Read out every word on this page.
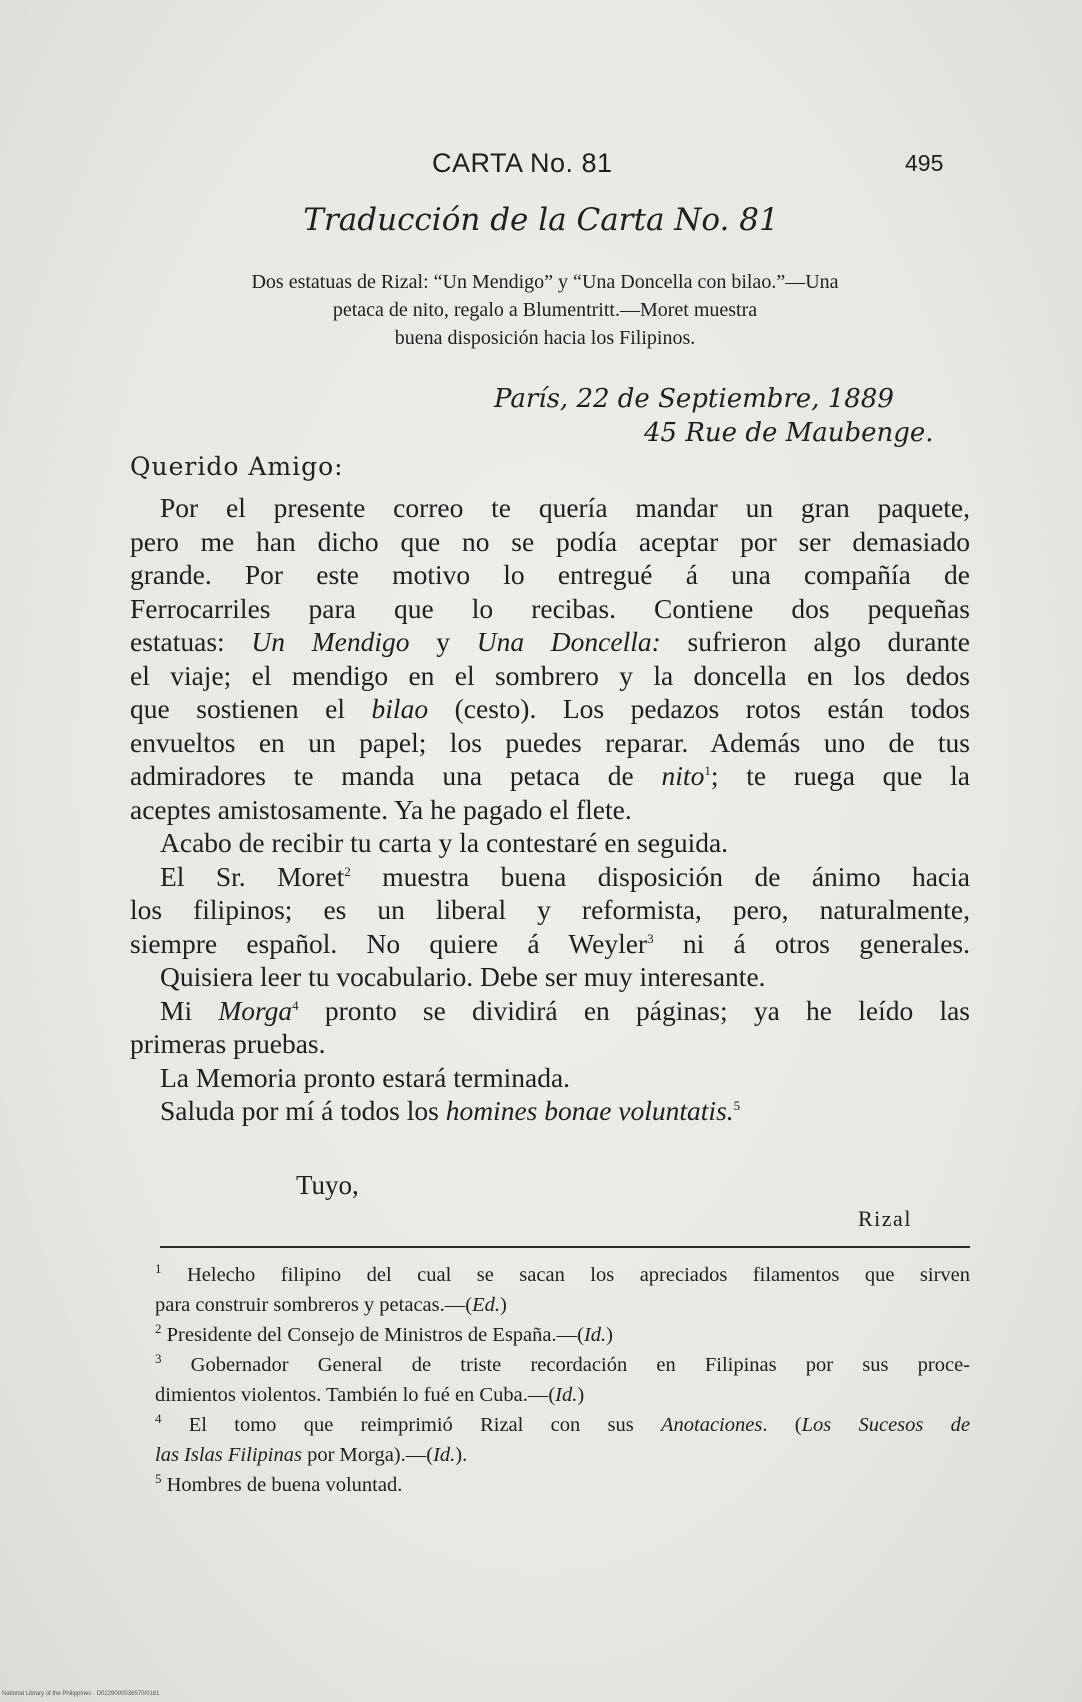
CARTA No. 81	495
Traducción de la Carta No. 81
Dos estatuas de Rizal: “Un Mendigo” y “Una Doncella con bilao.”—Una
petaca de nito, regalo a Blumentritt.—Moret muestra
buena disposición hacia los Filipinos.
París, 22 de Septiembre, 1889
45 Rue de Maubenge.
Querido Amigo:
Por el presente correo te quería mandar un gran paquete,
pero me han dicho que no se podía aceptar por ser demasiado
grande. Por este motivo lo entregué á una compañía de
Ferrocarriles para que lo recibas. Contiene dos pequeñas
estatuas: Un Mendigo y Una Doncella: sufrieron algo durante
el viaje; el mendigo en el sombrero y la doncella en los dedos
que sostienen el bilao (cesto). Los pedazos rotos están todos
envueltos en un papel; los puedes reparar. Además uno de tus
admiradores te manda una petaca de nito$^1$; te ruega que la
aceptes amistosamente. Ya he pagado el flete.
Acabo de recibir tu carta y la contestaré en seguida.
El Sr. Moret$^2$ muestra buena disposición de ánimo hacia
los filipinos; es un liberal y reformista, pero, naturalmente,
siempre español. No quiere á Weyler$^3$ ni á otros generales.
Quisiera leer tu vocabulario. Debe ser muy interesante.
Mi Morga$^4$ pronto se dividirá en páginas; ya he leído las
primeras pruebas.
La Memoria pronto estará terminada.
Saluda por mí á todos los homines bonae voluntatis.$^5$
Tuyo,
Rizal
$^1$ Helecho filipino del cual se sacan los apreciados filamentos que sirven
para construir sombreros y petacas.—(Ed.)
$^2$ Presidente del Consejo de Ministros de España.—(Id.)
$^3$ Gobernador General de triste recordación en Filipinas por sus proce-
dimientos violentos. También lo fué en Cuba.—(Id.)
$^4$ El tomo que reimprimió Rizal con sus Anotaciones. (Los Sucesos de
las Islas Filipinas por Morga).—(Id.).
$^5$ Hombres de buena voluntad.
National Library of the Philippines · D0229000036570/0181
